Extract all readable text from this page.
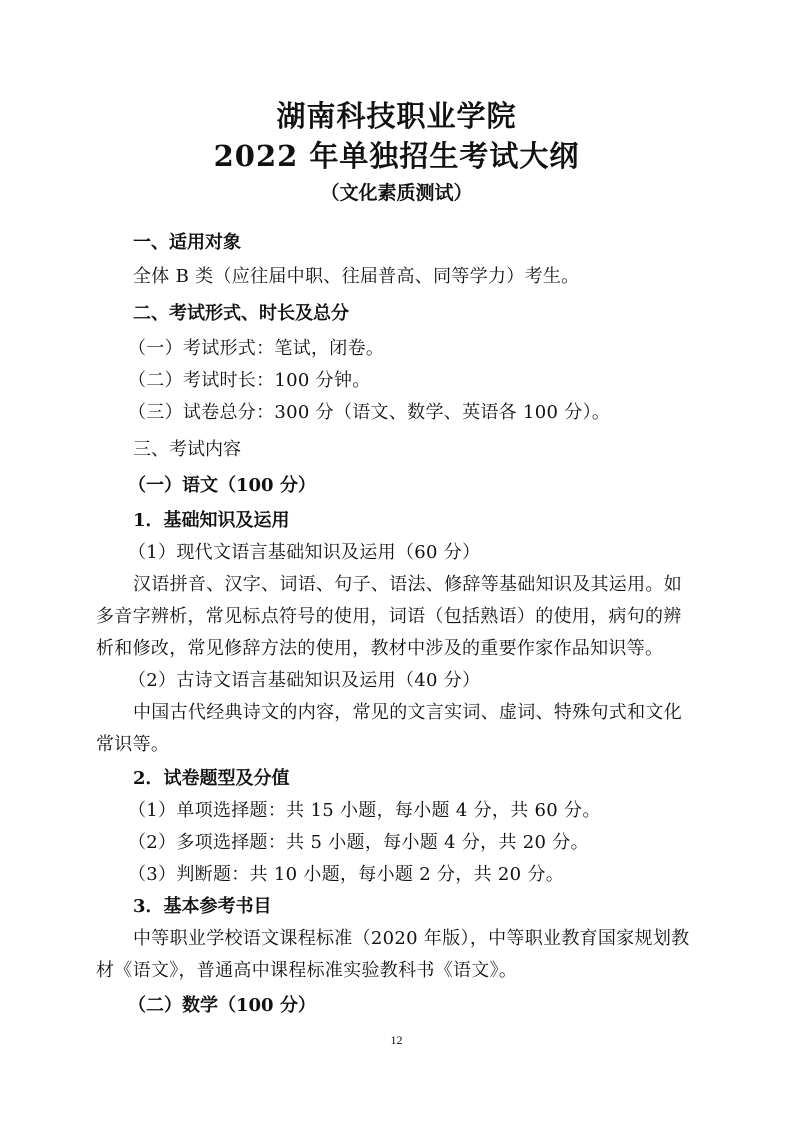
湖南科技职业学院
2022 年单独招生考试大纲
（文化素质测试）
一、适用对象
全体 B 类（应往届中职、往届普高、同等学力）考生。
二、考试形式、时长及总分
（一）考试形式：笔试，闭卷。
（二）考试时长：100 分钟。
（三）试卷总分：300 分（语文、数学、英语各 100 分）。
三、考试内容
（一）语文（100 分）
1．基础知识及运用
（1）现代文语言基础知识及运用（60 分）
汉语拼音、汉字、词语、句子、语法、修辞等基础知识及其运用。如
多音字辨析，常见标点符号的使用，词语（包括熟语）的使用，病句的辨
析和修改，常见修辞方法的使用，教材中涉及的重要作家作品知识等。
（2）古诗文语言基础知识及运用（40 分）
中国古代经典诗文的内容，常见的文言实词、虚词、特殊句式和文化
常识等。
2．试卷题型及分值
（1）单项选择题：共 15 小题，每小题 4 分，共 60 分。
（2）多项选择题：共 5 小题，每小题 4 分，共 20 分。
（3）判断题：共 10 小题，每小题 2 分，共 20 分。
3．基本参考书目
中等职业学校语文课程标准（2020 年版），中等职业教育国家规划教
材《语文》，普通高中课程标准实验教科书《语文》。
（二）数学（100 分）
12
